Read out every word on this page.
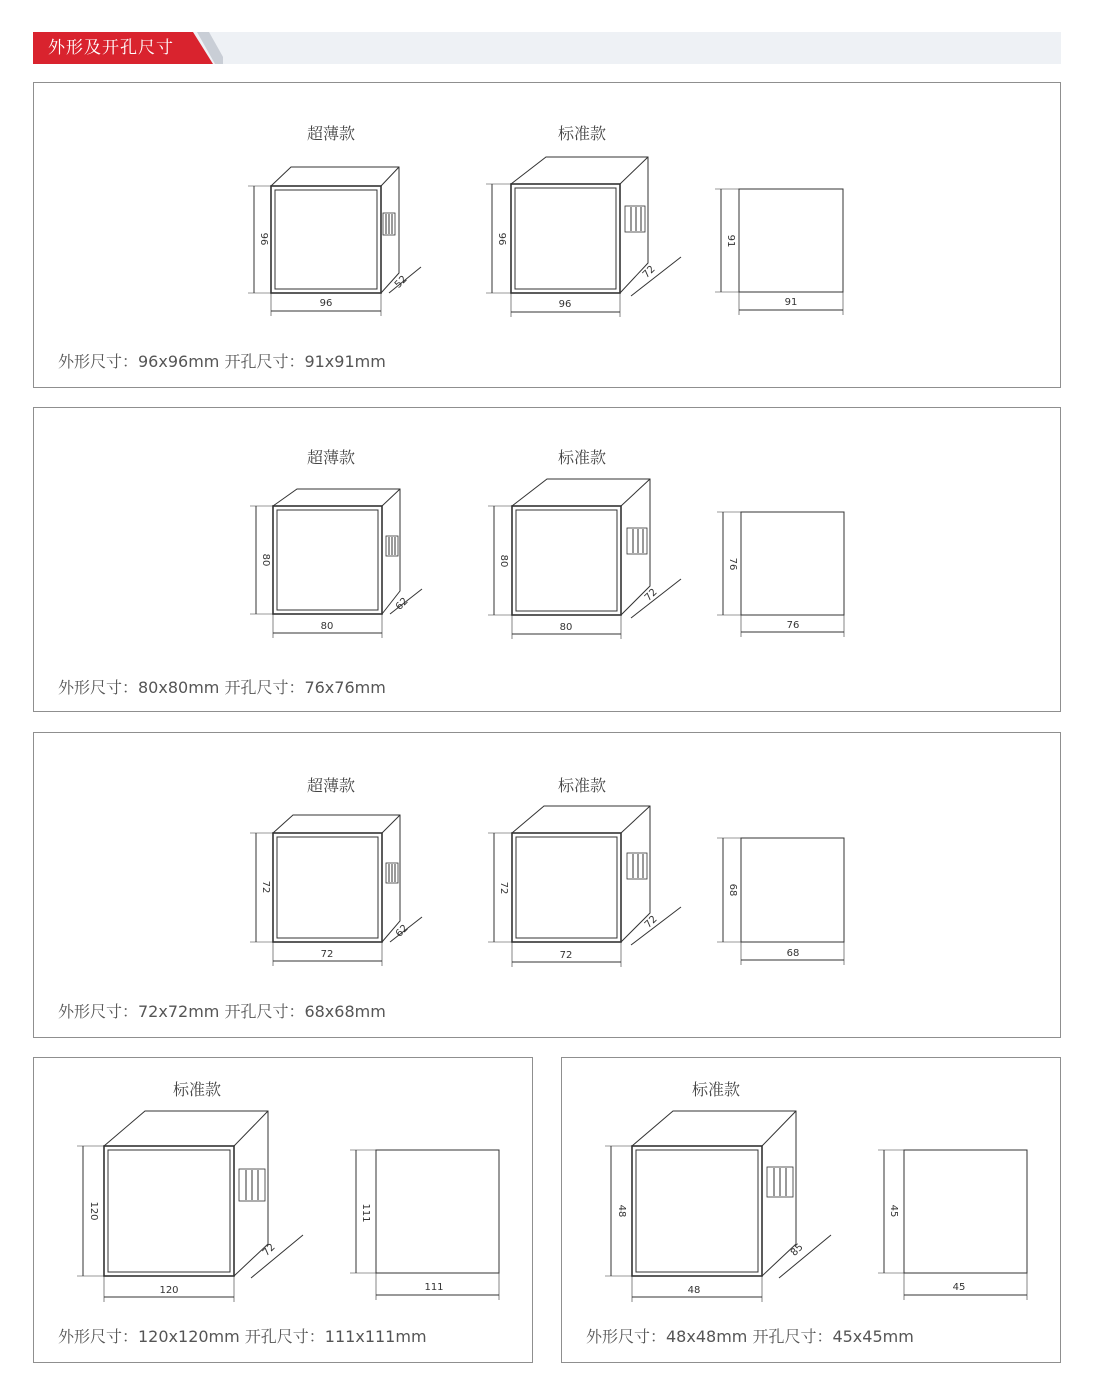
外形及开孔尺寸
超薄款
96
96
52
标准款
96
96
72
91
91
外形尺寸：96x96mm 开孔尺寸：91x91mm
超薄款
80
80
62
标准款
80
80
72
76
76
外形尺寸：80x80mm 开孔尺寸：76x76mm
超薄款
72
72
62
标准款
72
72
72
68
68
外形尺寸：72x72mm 开孔尺寸：68x68mm
标准款
120
120
72
111
111
外形尺寸：120x120mm 开孔尺寸：111x111mm
标准款
48
48
85
45
45
外形尺寸：48x48mm 开孔尺寸：45x45mm
